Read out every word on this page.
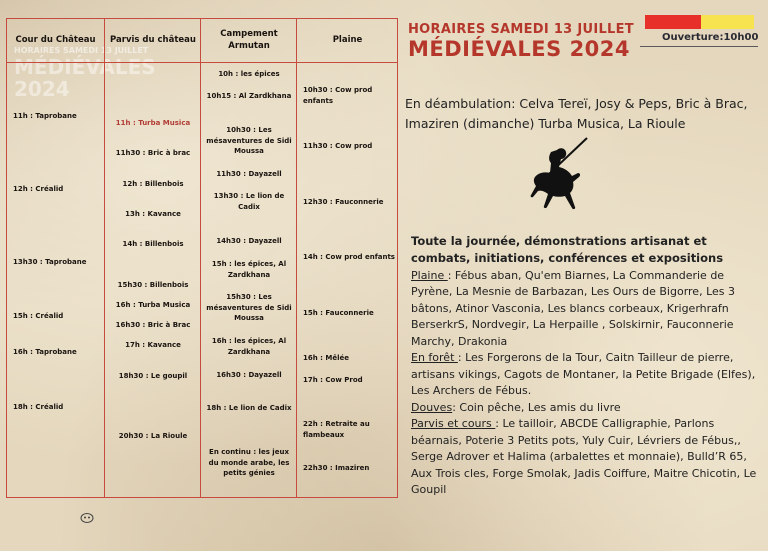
HORAIRES SAMEDI 13 JUILLET
MÉDIÉVALES 2024
Cour du Château
11h : Taprobane
12h : Créalid
13h30 : Taprobane
15h : Créalid
16h : Taprobane
18h : Créalid
Parvis du château
11h : Turba Musica
11h30 : Bric à brac
12h : Billenbois
13h : Kavance
14h : Billenbois
15h30 : Billenbois
16h : Turba Musica
16h30 : Bric à Brac
17h : Kavance
18h30 : Le goupil
20h30 : La Rioule
Campement Armutan
10h : les épices
10h15 : Al Zardkhana
10h30 : Les mésaventures de Sidi Moussa
11h30 : Dayazell
13h30 : Le lion de Cadix
14h30 : Dayazell
15h : les épices, Al Zardkhana
15h30 : Les mésaventures de Sidi Moussa
16h : les épices, Al Zardkhana
16h30 : Dayazell
18h : Le lion de Cadix
En continu : les jeux du monde arabe, les petits génies
Plaine
10h30 : Cow prod enfants
11h30 : Cow prod
12h30 : Fauconnerie
14h : Cow prod enfants
15h : Fauconnerie
16h : Mêlée
17h : Cow Prod
22h : Retraite au flambeaux
22h30 : Imaziren
HORAIRES SAMEDI 13 JUILLET
MÉDIÉVALES 2024	Ouverture:10h00
En déambulation: Celva Tereï, Josy & Peps, Bric à Brac, Imaziren (dimanche) Turba Musica, La Rioule

Toute la journée, démonstrations artisanat et combats, initiations, conférences et expositions

Plaine : Fébus aban, Qu'em Biarnes, La Commanderie de Pyrène, La Mesnie de Barbazan, Les Ours de Bigorre, Les 3 bâtons, Atinor Vasconia, Les blancs corbeaux, Krigerhrafn BerserkrS, Nordvegir, La Herpaille , Solskirnir, Fauconnerie Marchy, Drakonia

En forêt : Les Forgerons de la Tour, Caitn Tailleur de pierre, artisans vikings, Cagots de Montaner, la Petite Brigade (Elfes), Les Archers de Fébus.

Douves: Coin pêche, Les amis du livre

Parvis et cours : Le tailloir, ABCDE Calligraphie, Parlons béarnais, Poterie 3 Petits pots, Yuly Cuir, Lévriers de Fébus,, Serge Adrover et Halima (arbalettes et monnaie), Bulld’R 65, Aux Trois cles, Forge Smolak, Jadis Coiffure, Maitre Chicotin, Le Goupil
